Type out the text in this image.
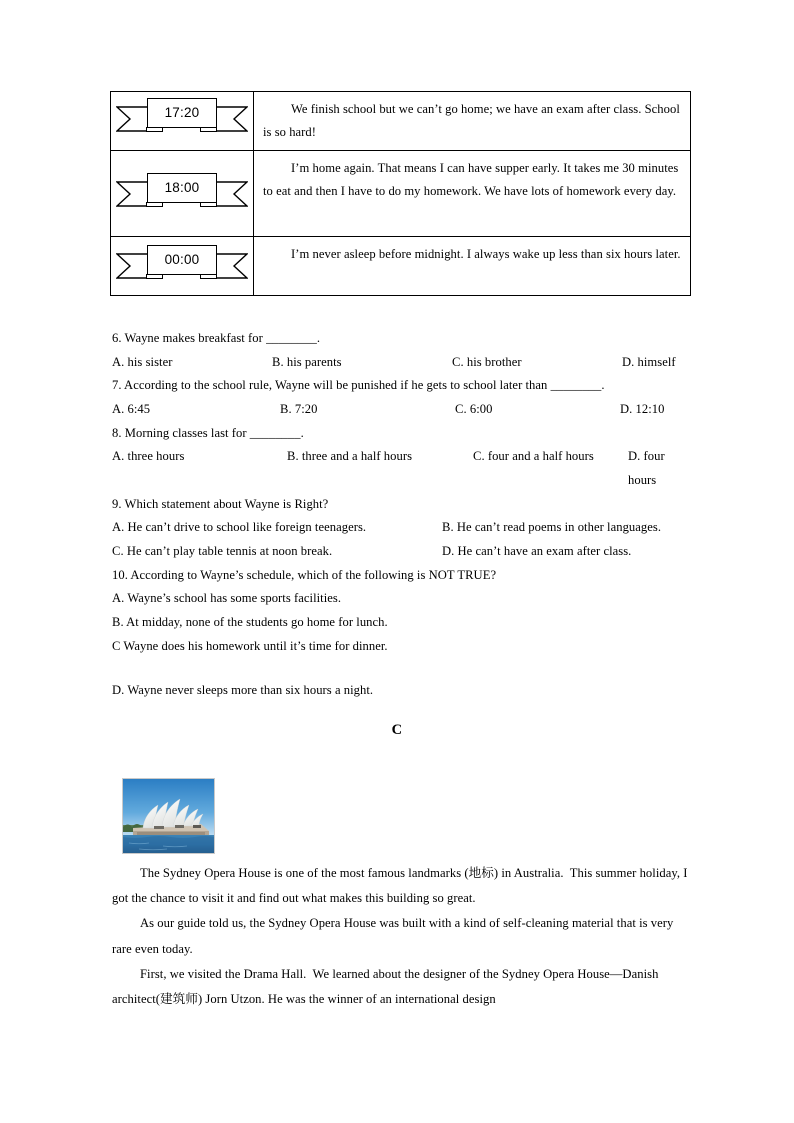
17:20	We finish school but we can’t go home; we have an exam after class. School is so hard!

18:00	I’m home again. That means I can have supper early. It takes me 30 minutes to eat and then I have to do my homework. We have lots of homework every day.

00:00	I’m never asleep before midnight. I always wake up less than six hours later.
6. Wayne makes breakfast for ________.
A. his sister	B. his parents	C. his brother	D. himself
7. According to the school rule, Wayne will be punished if he gets to school later than ________.
A. 6:45	B. 7:20	C. 6:00	D. 12:10
8. Morning classes last for ________.
A. three hours	B. three and a half hours	C. four and a half hours	D. four hours
9. Which statement about Wayne is Right?
A. He can’t drive to school like foreign teenagers.	B. He can’t read poems in other languages.
C. He can’t play table tennis at noon break.	D. He can’t have an exam after class.
10. According to Wayne’s schedule, which of the following is NOT TRUE?
A. Wayne’s school has some sports facilities.
B. At midday, none of the students go home for lunch.
C Wayne does his homework until it’s time for dinner.
D. Wayne never sleeps more than six hours a night.
C

The Sydney Opera House is one of the most famous landmarks (地标) in Australia.  This summer holiday, I got the chance to visit it and find out what makes this building so great.

As our guide told us, the Sydney Opera House was built with a kind of self-cleaning material that is very rare even today.

First, we visited the Drama Hall.  We learned about the designer of the Sydney Opera House—Danish architect(建筑师) Jorn Utzon. He was the winner of an international design
